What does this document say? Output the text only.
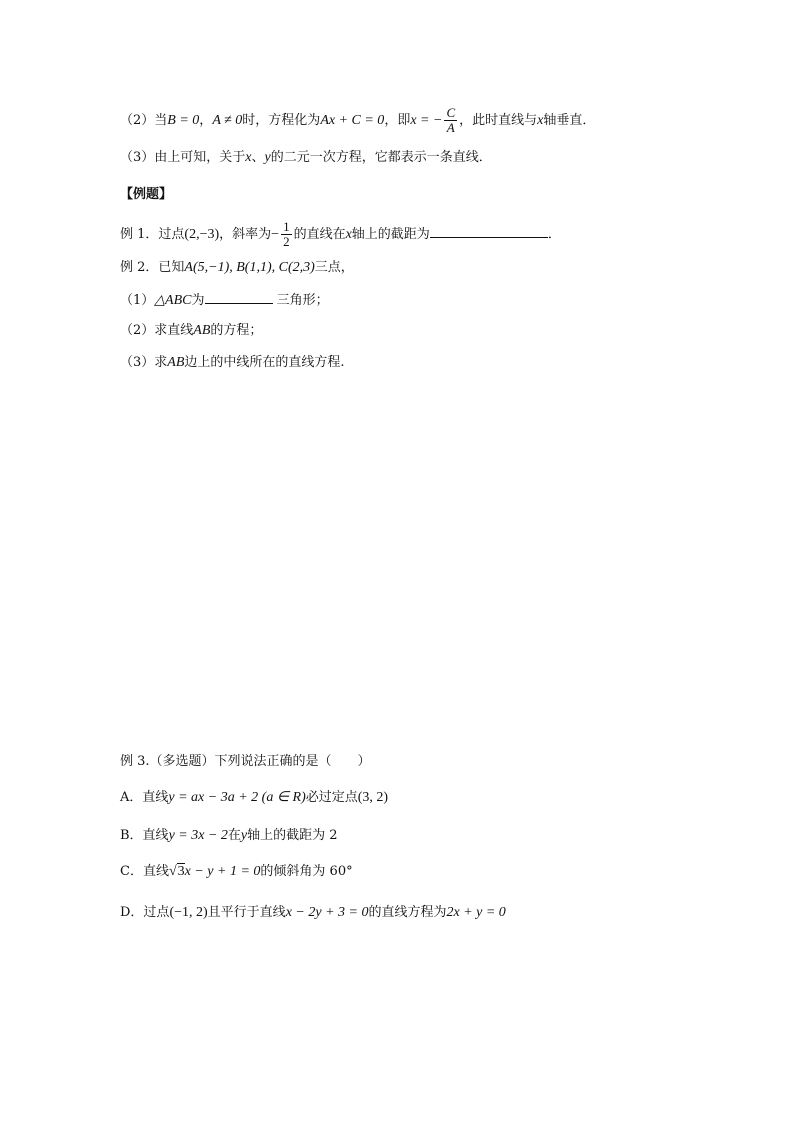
（2）当B = 0，A ≠ 0时，方程化为Ax + C = 0，即x = − $\frac{C}{A}$ ，此时直线与x轴垂直．
（3）由上可知，关于x、y的二元一次方程，它都表示一条直线．
【例题】
例 1．过点(2,−3)，斜率为− $\frac{1}{2}$ 的直线在x轴上的截距为	．
例 2．已知A(5,−1), B(1,1), C(2,3)三点，
（1）△ABC为	三角形；
（2）求直线AB的方程；
（3）求AB边上的中线所在的直线方程.
例 3.（多选题）下列说法正确的是（　　）
A．直线y = ax − 3a + 2 (a ∈ R)必过定点(3, 2)
B．直线y = 3x − 2在y轴上的截距为 2
C．直线√3x − y + 1 = 0的倾斜角为 60°
D．过点(−1, 2)且平行于直线x − 2y + 3 = 0的直线方程为2x + y = 0
